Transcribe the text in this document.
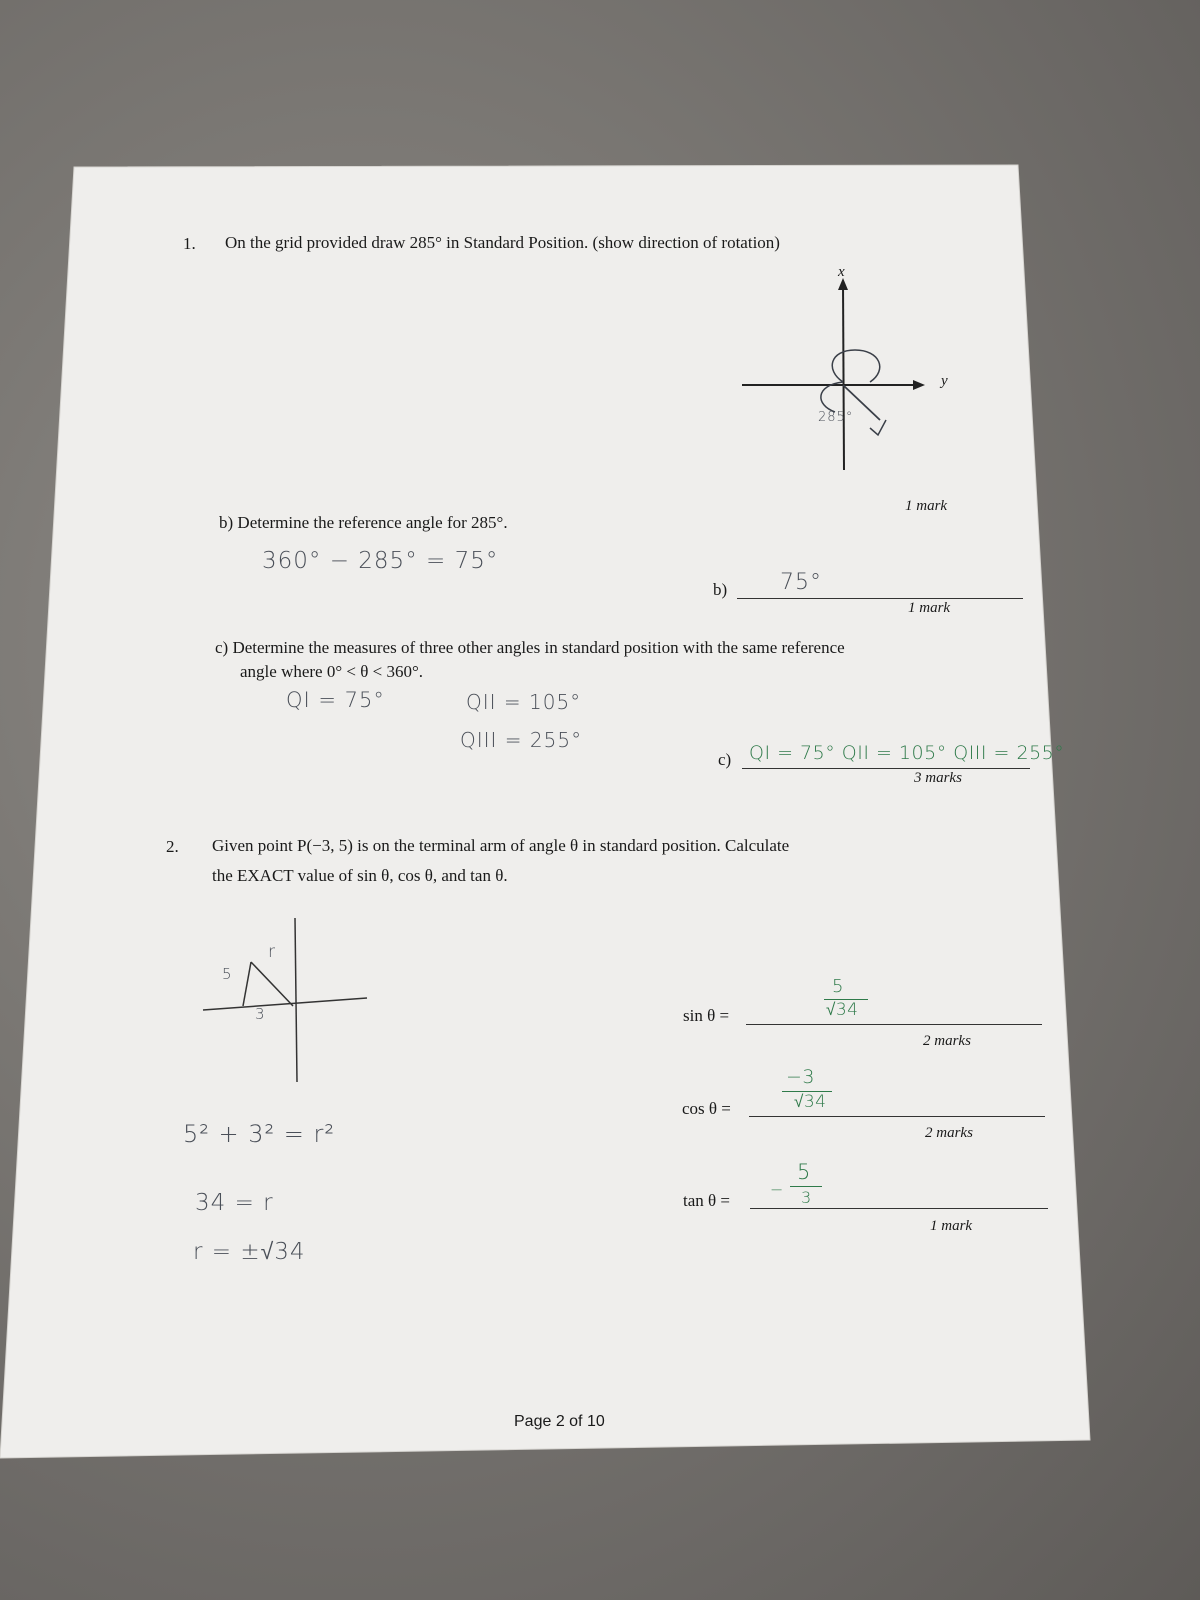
1. On the grid provided draw 285° in Standard Position. (show direction of rotation)
x
y
285°
1 mark
b) Determine the reference angle for 285°.
360° − 285° = 75°
b) 75°
1 mark
c) Determine the measures of three other angles in standard position with the same reference
angle where 0° < θ < 360°.
QI = 75°	QII = 105°
QIII = 255°
c) QI = 75° QII = 105° QIII = 255°
3 marks
2. Given point P(−3, 5) is on the terminal arm of angle θ in standard position. Calculate
the EXACT value of sin θ, cos θ, and tan θ.
5
3
r
5² + 3² = r²
34 = r
r = ±√34
sin θ =
5
√34
2 marks
cos θ =
−3
√34
2 marks
tan θ =
−
5
3
1 mark
Page 2 of 10
